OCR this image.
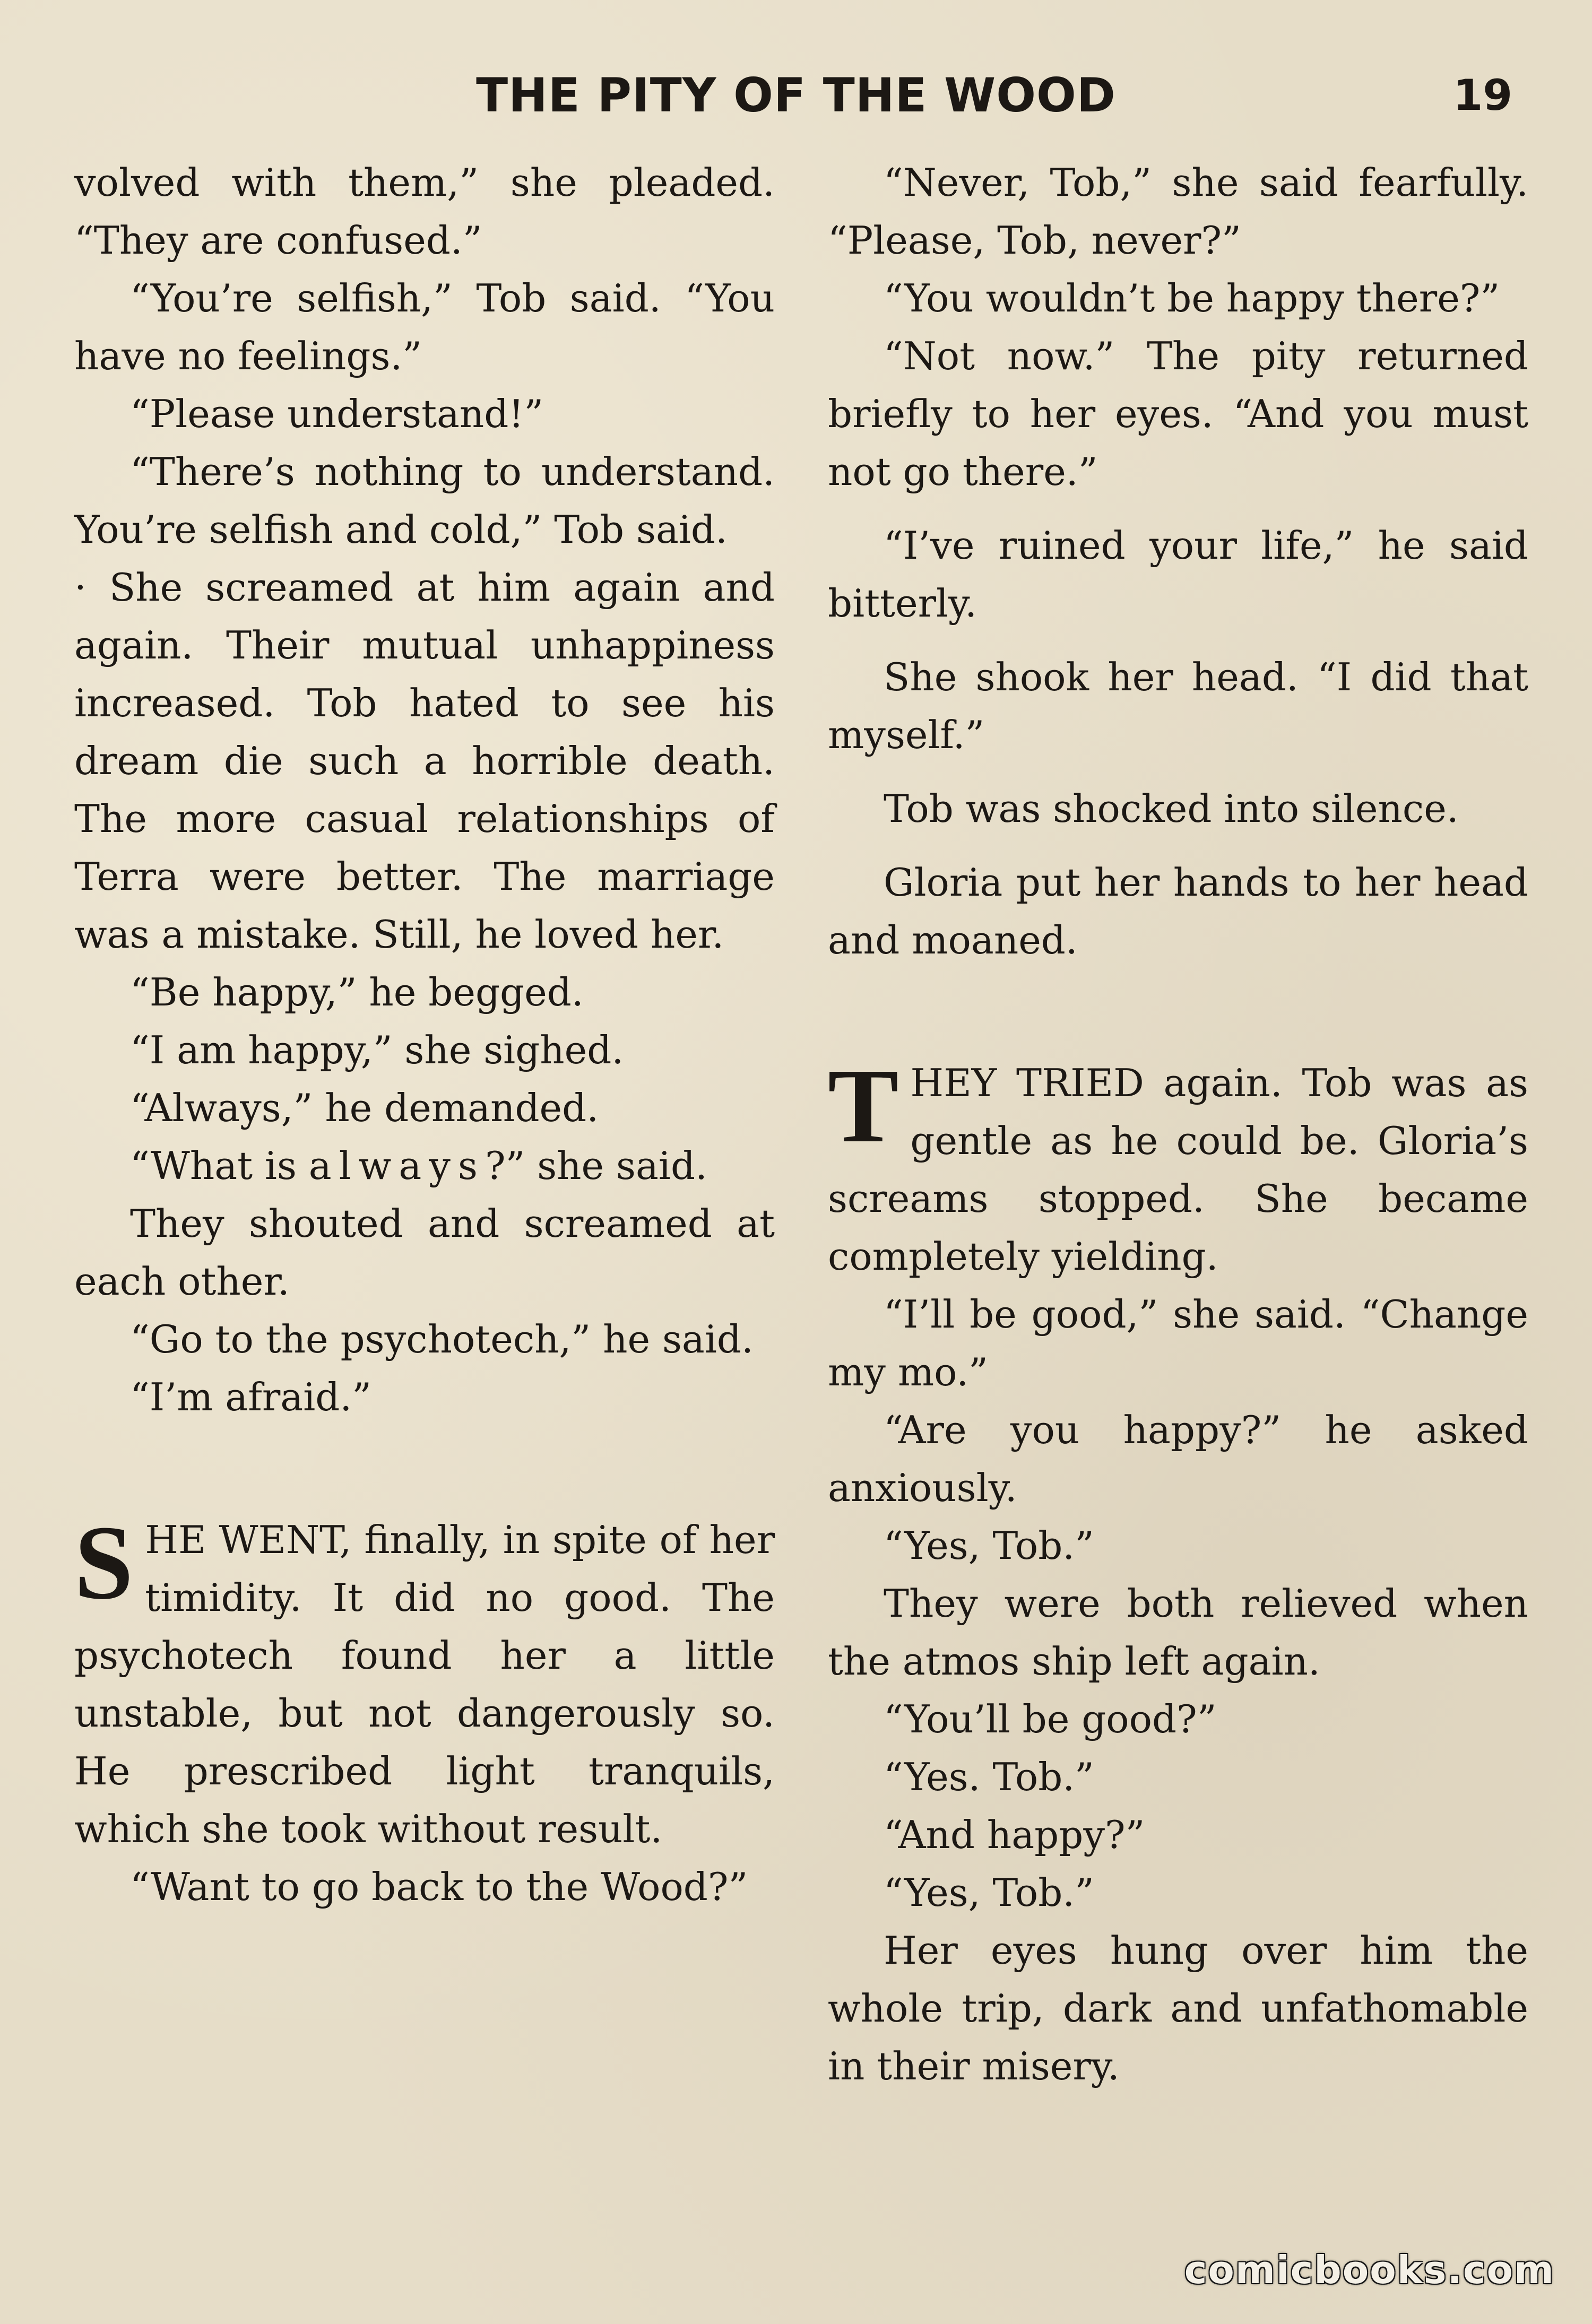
THE PITY OF THE WOOD	19

volved with them,” she pleaded. “They are confused.”

“You’re selfish,” Tob said. “You have no feelings.”

“Please understand!”

“There’s nothing to understand. You’re selfish and cold,” Tob said.

· She screamed at him again and again. Their mutual unhappiness increased. Tob hated to see his dream die such a horrible death. The more casual relationships of Terra were better. The marriage was a mistake. Still, he loved her.

“Be happy,” he begged.

“I am happy,” she sighed.

“Always,” he demanded.

“What is always?” she said.

They shouted and screamed at each other.

“Go to the psychotech,” he said.

“I’m afraid.”

SHE WENT, finally, in spite of her timidity. It did no good. The psychotech found her a little unstable, but not dangerously so. He prescribed light tranquils, which she took without result.

“Want to go back to the Wood?”

“Never, Tob,” she said fearfully. “Please, Tob, never?”

“You wouldn’t be happy there?”

“Not now.” The pity returned briefly to her eyes. “And you must not go there.”

“I’ve ruined your life,” he said bitterly.

She shook her head. “I did that myself.”

Tob was shocked into silence.

Gloria put her hands to her head and moaned.

THEY TRIED again. Tob was as gentle as he could be. Gloria’s screams stopped. She became completely yielding.

“I’ll be good,” she said. “Change my mo.”

“Are you happy?” he asked anxiously.

“Yes, Tob.”

They were both relieved when the atmos ship left again.

“You’ll be good?”

“Yes. Tob.”

“And happy?”

“Yes, Tob.”

Her eyes hung over him the whole trip, dark and unfathomable in their misery.

comicbooks.com
